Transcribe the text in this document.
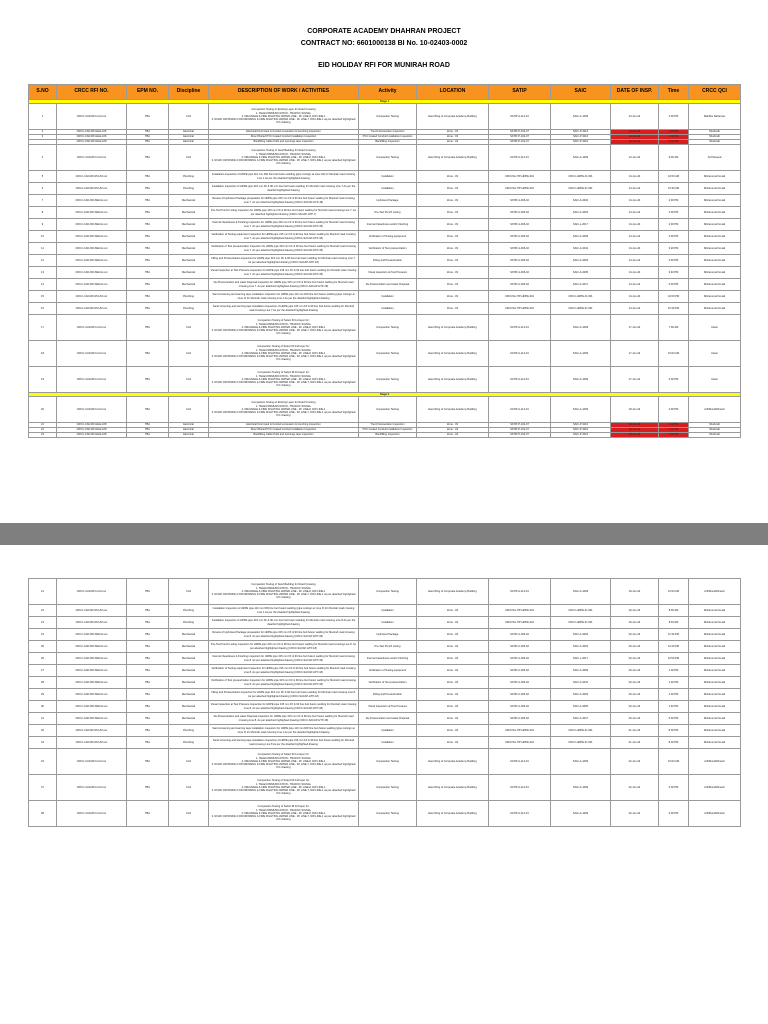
CORPORATE ACADEMY DHAHRAN PROJECT
CONTRACT NO: 6601000138 BI No. 10-02403-0002
EID HOLIDAY RFI FOR MUNIRAH ROAD
S.NO	CRCC RFI NO.	EPM NO.	Discipline	DESCRIPTION OF WORK / ACTIVITIES	Activity	LOCATION	SATIP	SAIC	DATE OF INSP.	Time	CRCC QCI
Stage 1											
1	CRCC-CAD-RFI-Civil-xxx	TBA	Civil	Compaction Testing of Existing Layer for Road Crossing
1. TELECOMMUNICATION - TRAFFIC SIGNAL
2. DRAINAGE & FIRE FIGHTING WATER LINE - FF LINE-8, DW LINE-1
3. ROAD CROSSING FOR DRINKING & FIRE FIGHTING WATER LINE - FF LINE-7, DW LINE-1 as per attached highlighted IFC drawing	Compaction Testing	East Wing of Corporate Academy Building	SATIP-A-114-01	SAIC-A-1009	13-Jun-24	4:00 PM	Mahbbu Rahaman
2	CRCC-CAD-RFI-ELE-106	TBA	Electrical	Electrical Duct bank & Conduit excavation & trenching inspection	Trench Excavation Inspection	Zone - 03	SATIP-P-104-07	SAIC-P-3116	13-Jun-24	1:00 PM	Shahzaib
3	CRCC-CAD-RFI-ELE-106	TBA	Electrical	Direct Buried PVC Coated Conduit Installation Inspection	PVC Coated Conduit Installation Inspection	Zone - 03	SATIP-P-104-07	SAIC-P-3116	13-Jun-24	2:00 PM	Shahzaib
	CRCC-CAD-RFI-ELE-108	TBA	Electrical	Backfilling Cable Pulls and openings tape inspection	Backfilling Inspection	Zone - 03	SATIP-P-104-07	SAIC-P-3116	13-Jun-24	3:00 PM	Shahzaib
4	CRCC-CAD-RFI-Civil-xxx	TBA	Civil	Compaction Testing of Sand Bedding for Road Crossing
1. TELECOMMUNICATION - TRAFFIC SIGNAL
2. DRAINAGE & FIRE FIGHTING WATER LINE - FF LINE-8, DW LINE-1
3. ROAD CROSSING FOR DRINKING & FIRE FIGHTING WATER LINE - FF LINE-7, DW LINE-1 as per attached highlighted IFC drawing	Compaction Testing	East Wing of Corporate Academy Building	SATIP-A-114-01	SAIC-A-1009	13-Jun-24	9:00 AM	Arif Naveed
5	CRCC-CAD-RFI-PLUM-xxx	TBA	Plumbing	Installation inspection of HDPE pipe 110 mm DW line butt fusion welding (pipe cut/sign at zone 03) for Munirah road crossing Line 1 As per the dwarfed highlighted drawing	Installation	Zone - 03	CRCCSA-ITP-HDPE-001	CRCC-HDPE-IC-001	14-Jun-24	10:00 AM	Mohammed Ismail
6	CRCC-CAD-RFI-PLUM-xxx	TBA	Plumbing	Installation inspection of HDPE pipe 315 mm FF & 90 mm line butt fusion welding for Munirah road crossing Line 7 As per the dwarfed highlighted drawing	Installation	Zone - 03	CRCCSA-ITP-HDPE-001	CRCC-HDPE-IC-001	14-Jun-24	10:30 AM	Mohammed Ismail
7	CRCC-CAD-RFI-MECH-xxx	TBA	Mechanical	Review of Hydrotest Package preparation for HDPE pipe 315 mm FF & 90 line butt fusion welding for Munirah road crossing Line 7. As per Attached highlighted drawing (CRCC-SACAP-HTP-18)	Hydrotest Package	Zone - 03	SATIP-A-006-02	SAIC-A-3004	14-Jun-24	2:30 PM	Mohammed Ismail
8	CRCC-CAD-RFI-MECH-xxx	TBA	Mechanical	Pre-Test Punch Listing inspection for HDPE pipe 315 mm FF & 90 line butt fusion welding for Munirah road crossing Line 7. As per attached highlighted drawing (CRCC-SACAP-HTP-7)	Pre-Test Punch Listing	Zone - 03	SATIP-A-006-02	SAIC-A-3004	14-Jun-24	2:00 PM	Mohammed Ismail
9	CRCC-CAD-RFI-MECH-xxx	TBA	Mechanical	Internal Cleanliness & Flushing inspection for HDPE pipe 315 mm FF & 90 line butt fusion welding for Munirah road crossing Line 7. As per attached highlighted drawing (CRCC-SACAP-HTP-18)	Internal Cleanliness and/or Flushing	Zone - 03	SATIP-A-006-02	SAIC-L-2017	14-Jun-24	2:30 PM	Mohammed Ismail
10	CRCC-CAD-RFI-MECH-xxx	TBA	Mechanical	Verification of Testing equipment inspection for HDPE pipe 315 mm FF & 90 line butt fusion welding for Munirah road crossing Line 7. As per attached highlighted drawing (CRCC-SACAP-HTP-18)	Verification of Testing equipment	Zone - 03	SATIP-A-006-02	SAIC-A-3009	14-Jun-24	3:00 PM	Mohammed Ismail
11	CRCC-CAD-RFI-MECH-xxx	TBA	Mechanical	Verification of Test pressurization inspection for HDPE pipe 315 mm FF & 90 line butt fusion welding for Munirah road crossing Line 7. As per attached highlighted drawing (CRCC-SACAP-HTP-18)	Verification of Test pressurization	Zone - 03	SATIP-A-006-02	SAIC-A-3011	14-Jun-24	3:20 PM	Mohammed Ismail
12	CRCC-CAD-RFI-MECH-xxx	TBA	Mechanical	Filling and Pressurization inspection for HDPE pipe 315 mm FF & 90 line butt fusion welding for Munirah road crossing Line 7. As per attached highlighted drawing (CRCC-SACAP-HTP-18)	Filling and Pressurization	Zone - 03	SATIP-A-006-02	SAIC-A-3003	14-Jun-24	3:30 PM	Mohammed Ismail
13	CRCC-CAD-RFI-MECH-xxx	TBA	Mechanical	Visual inspection at Test Pressure inspection for HDPE pipe 315 mm FF & 90 line butt fusion welding for Munirah road crossing Line 7. As per attached highlighted drawing (CRCC-SACAP-HTP-18)	Visual inspection at Test Pressure	Zone - 03	SATIP-A-006-02	SAIC-A-3005	14-Jun-24	3:40 PM	Mohammed Ismail
14	CRCC-CAD-RFI-MECH-xxx	TBA	Mechanical	De-Pressurization and water Disposal inspection for HDPE pipe 315 mm FF & 90 line butt fusion welding for Munirah road crossing Line 7. As per attached highlighted drawing (CRCC-SACAP-HTP-18)	De-Pressurization and water Disposal	Zone - 03	SATIP-A-006-02	SAIC-A-3017	14-Jun-24	5:30 PM	Mohammed Ismail
15	CRCC-CAD-RFI-PLUM-xxx	TBA	Plumbing	Sand screening and warning tape installation inspection for HDPE pipe 110 mm DW line butt fusion welding (pipe cut/sign at zone 3) for Munirah road crossing Line 1 As per the dwarfed highlighted drawing	Installation	Zone - 03	CRCCSA-ITP-HDPE-001	CRCC-HDPE-IC-001	14-Jun-24	10:00 PM	Mohammed Ismail
16	CRCC-CAD-RFI-PLUM-xxx	TBA	Plumbing	Sand screening and warning tape installation inspection of HDPE pipe 315 mm FF & 90 line butt fusion welding for Munirah road crossing Line 7 As per the dwarfed highlighted drawing	Installation	Zone - 03	CRCCSA-ITP-HDPE-001	CRCC-HDPE-IC-001	14-Jun-24	10:30 PM	Mohammed Ismail
17	CRCC-CAD-RFI-Civil-xxx	TBA	Civil	Compaction Testing of Select fill 1st layer for:
1. TELECOMMUNICATION - TRAFFIC SIGNAL
2. DRAINAGE & FIRE FIGHTING WATER LINE - FF LINE-8, DW LINE-1
3. ROAD CROSSING FOR DRINKING & FIRE FIGHTING WATER LINE - FF LINE-7, DW LINE-1 as per attached highlighted IFC drawing	Compaction Testing	East Wing of Corporate Academy Building	SATIP-A-114-01	SAIC-A-1009	17-Jun-24	7:00 AM	Javier
18	CRCC-CAD-RFI-Civil-xxx	TBA	Civil	Compaction Testing of Select fill 2nd layer for:
1. TELECOMMUNICATION - TRAFFIC SIGNAL
2. DRAINAGE & FIRE FIGHTING WATER LINE - FF LINE-8, DW LINE-1
3. ROAD CROSSING FOR DRINKING & FIRE FIGHTING WATER LINE - FF LINE-7, DW LINE-1 as per attached highlighted IFC drawing	Compaction Testing	East Wing of Corporate Academy Building	SATIP-A-114-01	SAIC-A-1009	17-Jun-24	10:00 AM	Javier
19	CRCC-CAD-RFI-Civil-xxx	TBA	Civil	Compaction Testing of Select fill 3rd layer for:
1. TELECOMMUNICATION - TRAFFIC SIGNAL
2. DRAINAGE & FIRE FIGHTING WATER LINE - FF LINE-8, DW LINE-1
3. ROAD CROSSING FOR DRINKING & FIRE FIGHTING WATER LINE - FF LINE-7, DW LINE-1 as per attached highlighted IFC drawing	Compaction Testing	East Wing of Corporate Academy Building	SATIP-A-114-01	SAIC-A-1009	17-Jun-24	2:00 PM	Javier
Stage 2											
20	CRCC-CAD-RFI-Civil-xxx	TBA	Civil	Compaction Testing of Existing Layer for Road Crossing
1. TELECOMMUNICATION - TRAFFIC SIGNAL
2. DRAINAGE & FIRE FIGHTING WATER LINE - FF LINE-8, DW LINE-1
3. ROAD CROSSING FOR DRINKING & FIRE FIGHTING WATER LINE - FF LINE-7, DW LINE-1 as per attached highlighted IFC drawing	Compaction Testing	East Wing of Corporate Academy Building	SATIP-A-114-01	SAIC-A-1009	18-Jun-24	4:00 PM	Arif/Munid/Dinesh
21	CRCC-CAD-RFI-ELE-108	TBA	Electrical	Electrical Duct bank & Conduit excavation & trenching inspection	Trench Excavation Inspection	Zone - 03	SATIP-P-104-07	SAIC-P-3116	18-Jun-24	1:00 PM	Shahzaib
22	CRCC-CAD-RFI-ELE-108	TBA	Electrical	Direct Buried PVC Coated Conduit Installation Inspection	PVC Coated Conduit Installation Inspection	Zone - 03	SATIP-P-104-07	SAIC-P-3116	18-Jun-24	2:00 PM	Shahzaib
23	CRCC-CAD-RFI-ELE-108	TBA	Electrical	Backfilling Cable Pulls and openings tape inspection	Backfilling Inspection	Zone - 03	SATIP-P-104-07	SAIC-P-3116	18-Jun-24	3:00 PM	Shahzaib
21	CRCC-CAD-RFI-Civil-xxx	TBA	Civil	Compaction Testing of Sand Bedding for Road Crossing
1. TELECOMMUNICATION - TRAFFIC SIGNAL
2. DRAINAGE & FIRE FIGHTING WATER LINE - FF LINE-8, DW LINE-1
3. ROAD CROSSING FOR DRINKING & FIRE FIGHTING WATER LINE - FF LINE-7, DW LINE-1 as per attached highlighted IFC drawing	Compaction Testing	East Wing of Corporate Academy Building	SATIP-A-114-01	SAIC-A-1009	19-Jun-24	10:00 AM	Arif/Munid/Dinesh
22	CRCC-CAD-RFI-PLUM-xxx	TBA	Plumbing	Installation inspection of HDPE pipe 110 mm DW line butt fusion welding (pipe cut/sign at zone 3) for Munirah road crossing Line 1 As per the dwarfed highlighted drawing	Installation	Zone - 03	CRCCSA-ITP-HDPE-001	CRCC-HDPE-IC-001	19-Jun-24	8:00 AM	Mohammed Ismail
23	CRCC-CAD-RFI-PLUM-xxx	TBA	Plumbing	Installation inspection of HDPE pipe 315 mm FF & 90 mm line butt fusion welding for Munirah road crossing Line 8 As per the dwarfed highlighted drawing	Installation	Zone - 03	CRCCSA-ITP-HDPE-001	CRCC-HDPE-IC-001	19-Jun-24	8:30 AM	Mohammed Ismail
24	CRCC-CAD-RFI-MECH-xxx	TBA	Mechanical	Review of Hydrotest Package preparation for HDPE pipe 315 mm FF & 90 line butt fusion welding for Munirah road crossing Line 8. As per attached highlighted drawing (CRCC-SACAP-HTP-18)	Hydrotest Package	Zone - 03	SATIP-A-006-02	SAIC-A-3004	20-Jun-24	11:30 PM	Mohammed Ismail
25	CRCC-CAD-RFI-MECH-xxx	TBA	Mechanical	Pre-Test Punch Listing inspection for HDPE pipe 315 mm FF & 90 line butt fusion welding for Munirah road crossing Line 8. As per attached highlighted drawing (CRCC-SACAP-HTP-18)	Pre-Test Punch Listing	Zone - 03	SATIP-A-006-02	SAIC-A-3004	20-Jun-24	12:40 PM	Mohammed Ismail
26	CRCC-CAD-RFI-MECH-xxx	TBA	Mechanical	Internal Cleanliness & Flushing inspection for HDPE pipe 315 mm FF & 90 line butt fusion welding for Munirah road crossing Line 8. As per attached highlighted drawing (CRCC-SACAP-HTP-18)	Internal Cleanliness and/or Flushing	Zone - 03	SATIP-A-006-02	SAIC-L-2017	20-Jun-24	12:50 PM	Mohammed Ismail
27	CRCC-CAD-RFI-MECH-xxx	TBA	Mechanical	Verification of Testing equipment inspection for HDPE pipe 315 mm FF & 90 line butt fusion welding for Munirah road crossing Line 8. As per attached highlighted drawing (CRCC-SACAP-HTP-18)	Verification of Testing equipment	Zone - 03	SATIP-A-006-02	SAIC-A-3009	20-Jun-24	1:00 PM	Mohammed Ismail
28	CRCC-CAD-RFI-MECH-xxx	TBA	Mechanical	Verification of Test pressurization inspection for HDPE pipe 315 mm FF & 90 line butt fusion welding for Munirah road crossing Line 8. As per attached highlighted drawing (CRCC-SACAP-HTP-18)	Verification of Test pressurization	Zone - 03	SATIP-A-006-02	SAIC-A-3011	20-Jun-24	1:20 PM	Mohammed Ismail
29	CRCC-CAD-RFI-MECH-xxx	TBA	Mechanical	Filling and Pressurization inspection for HDPE pipe 315 mm FF & 90 line butt fusion welding for Munirah road crossing Line 8. As per attached highlighted drawing (CRCC-SACAP-HTP-18)	Filling and Pressurization	Zone - 03	SATIP-A-006-02	SAIC-A-3003	20-Jun-24	1:30 PM	Mohammed Ismail
30	CRCC-CAD-RFI-MECH-xxx	TBA	Mechanical	Visual inspection at Test Pressure inspection for HDPE pipe 315 mm FF & 90 line butt fusion welding for Munirah road crossing Line 8. As per attached highlighted drawing (CRCC-SACAP-HTP-18)	Visual inspection at Test Pressure	Zone - 03	SATIP-A-006-02	SAIC-A-3005	20-Jun-24	1:40 PM	Mohammed Ismail
31	CRCC-CAD-RFI-MECH-xxx	TBA	Mechanical	De-Pressurization and water Disposal inspection for HDPE pipe 315 mm FF & 90 line butt fusion welding for Munirah road crossing Line 8. As per attached highlighted drawing (CRCC-SACAP-HTP-18)	De-Pressurization and water Disposal	Zone - 03	SATIP-A-006-02	SAIC-A-3017	20-Jun-24	5:30 PM	Mohammed Ismail
32	CRCC-CAD-RFI-PLUM-xxx	TBA	Plumbing	Sand screening and warning tape installation inspection for HDPE pipe 110 mm DW line butt fusion welding (pipe cut/sign at zone 3) for Munirah road crossing Line 1 As per the dwarfed highlighted drawing	Installation	Zone - 03	CRCCSA-ITP-HDPE-001	CRCC-HDPE-IC-001	21-Jun-24	8:00 PM	Mohammed Ismail
33	CRCC-CAD-RFI-PLUM-xxx	TBA	Plumbing	Sand screening and warning tape installation inspection of HDPE pipe 315 mm FF & 90 line butt fusion welding for Munirah road crossing Line 8 As per the dwarfed highlighted drawing	Installation	Zone - 03	CRCCSA-ITP-HDPE-001	CRCC-HDPE-IC-001	21-Jun-24	8:30 PM	Mohammed Ismail
34	CRCC-CAD-RFI-Civil-xxx	TBA	Civil	Compaction Testing of Select fill 1st layer for:
1. TELECOMMUNICATION - TRAFFIC SIGNAL
2. DRAINAGE & FIRE FIGHTING WATER LINE - FF LINE-8, DW LINE-1
3. ROAD CROSSING FOR DRINKING & FIRE FIGHTING WATER LINE - FF LINE-7, DW LINE-1 as per attached highlighted IFC drawing	Compaction Testing	East Wing of Corporate Academy Building	SATIP-A-114-01	SAIC-A-1009	22-Jun-24	10:00 AM	Arif/Munid/Dinesh
37	CRCC-CAD-RFI-Civil-xxx	TBA	Civil	Compaction Testing of Select fill 2nd layer for:
1. TELECOMMUNICATION - TRAFFIC SIGNAL
2. DRAINAGE & FIRE FIGHTING WATER LINE - FF LINE-8, DW LINE-1
3. ROAD CROSSING FOR DRINKING & FIRE FIGHTING WATER LINE - FF LINE-7, DW LINE-1 as per attached highlighted IFC drawing	Compaction Testing	East Wing of Corporate Academy Building	SATIP-A-114-01	SAIC-A-1009	22-Jun-24	2:00 PM	Arif/Munid/Dinesh
38	CRCC-CAD-RFI-Civil-xxx	TBA	Civil	Compaction Testing of Select fill 3rd layer for:
1. TELECOMMUNICATION - TRAFFIC SIGNAL
2. DRAINAGE & FIRE FIGHTING WATER LINE - FF LINE-8, DW LINE-1
3. ROAD CROSSING FOR DRINKING & FIRE FIGHTING WATER LINE - FF LINE-7, DW LINE-1 as per attached highlighted IFC drawing	Compaction Testing	East Wing of Corporate Academy Building	SATIP-A-114-01	SAIC-A-1009	22-Jun-24	3:00 PM	Arif/Munid/Dinesh
